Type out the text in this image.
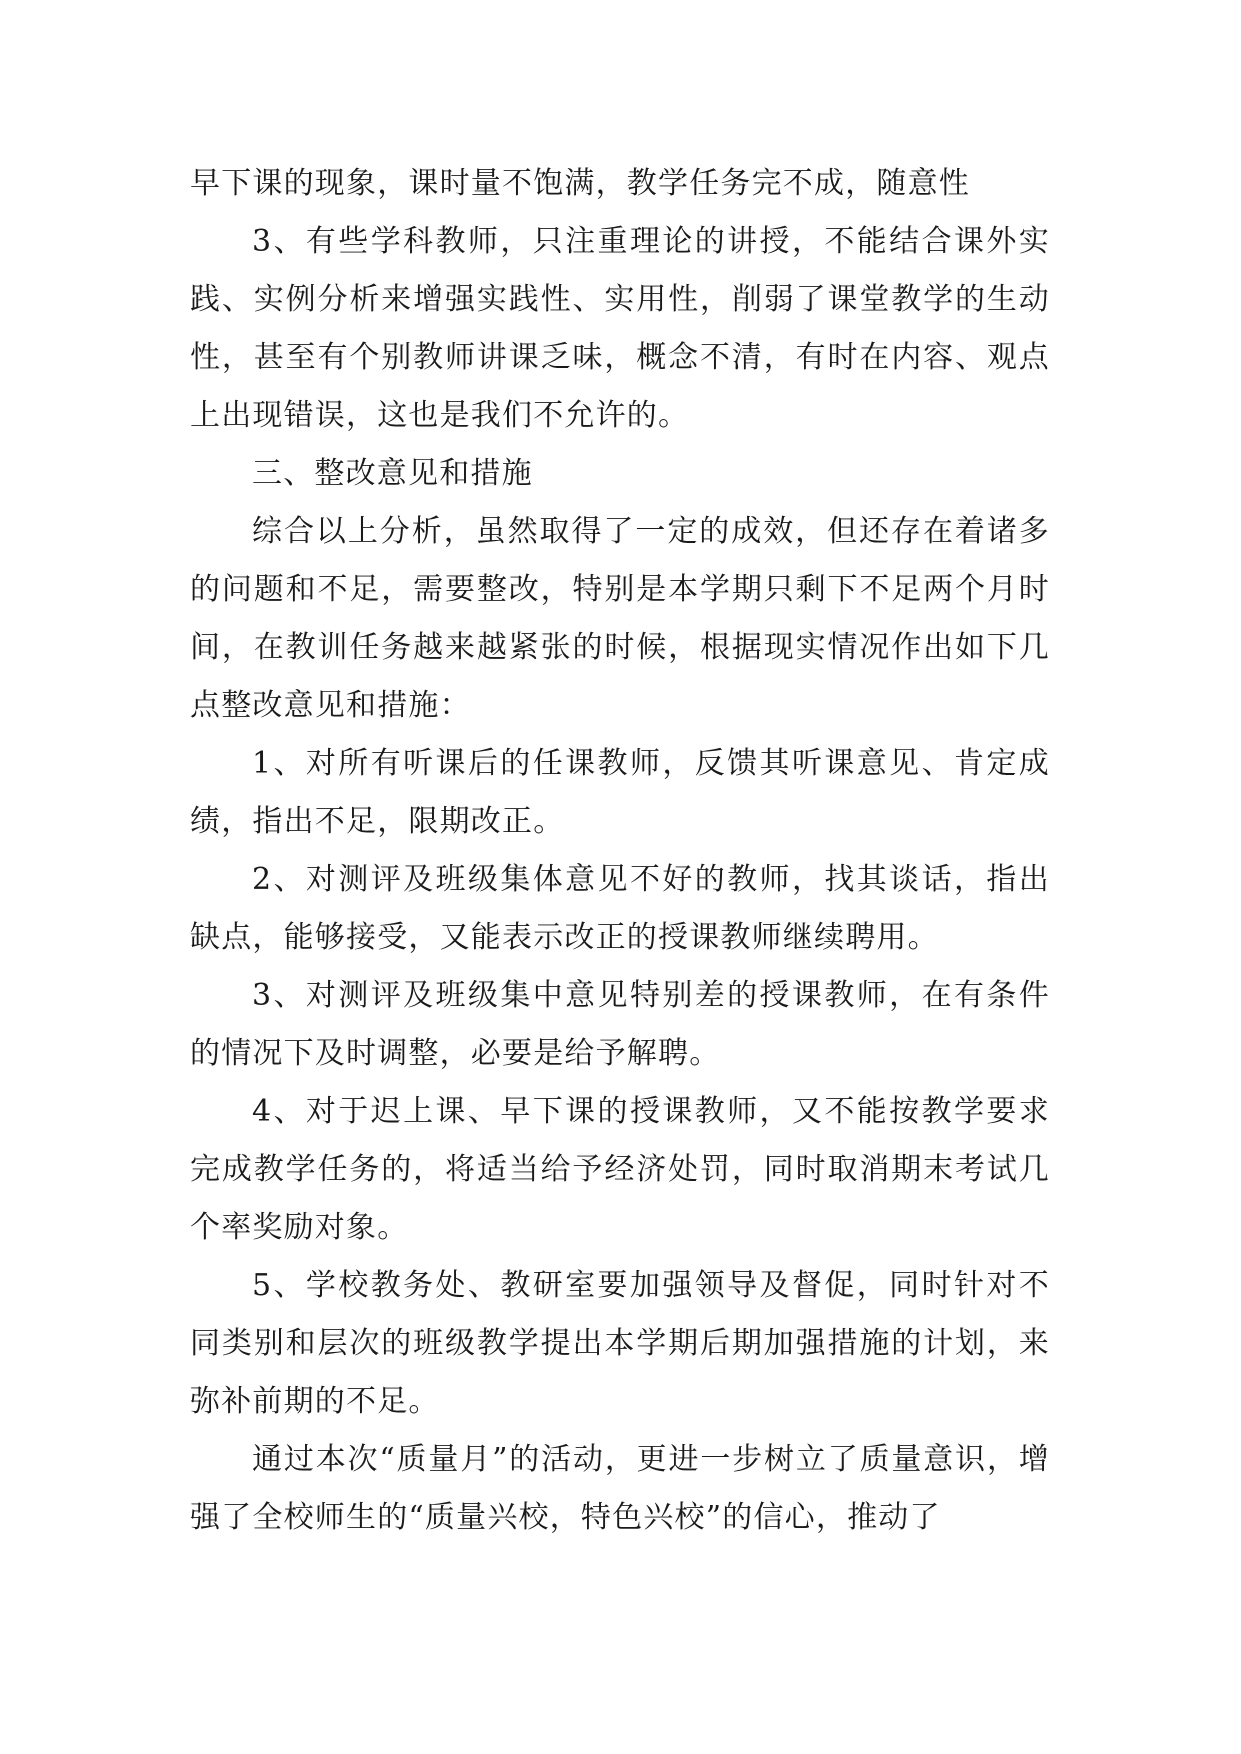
早下课的现象，课时量不饱满，教学任务完不成，随意性

3、有些学科教师，只注重理论的讲授，不能结合课外实践、实例分析来增强实践性、实用性，削弱了课堂教学的生动性，甚至有个别教师讲课乏味，概念不清，有时在内容、观点上出现错误，这也是我们不允许的。

三、整改意见和措施

综合以上分析，虽然取得了一定的成效，但还存在着诸多的问题和不足，需要整改，特别是本学期只剩下不足两个月时间，在教训任务越来越紧张的时候，根据现实情况作出如下几点整改意见和措施：

1、对所有听课后的任课教师，反馈其听课意见、肯定成绩，指出不足，限期改正。

2、对测评及班级集体意见不好的教师，找其谈话，指出缺点，能够接受，又能表示改正的授课教师继续聘用。

3、对测评及班级集中意见特别差的授课教师，在有条件的情况下及时调整，必要是给予解聘。

4、对于迟上课、早下课的授课教师，又不能按教学要求完成教学任务的，将适当给予经济处罚，同时取消期末考试几个率奖励对象。

5、学校教务处、教研室要加强领导及督促，同时针对不同类别和层次的班级教学提出本学期后期加强措施的计划，来弥补前期的不足。

通过本次“质量月”的活动，更进一步树立了质量意识，增强了全校师生的“质量兴校，特色兴校”的信心，推动了
